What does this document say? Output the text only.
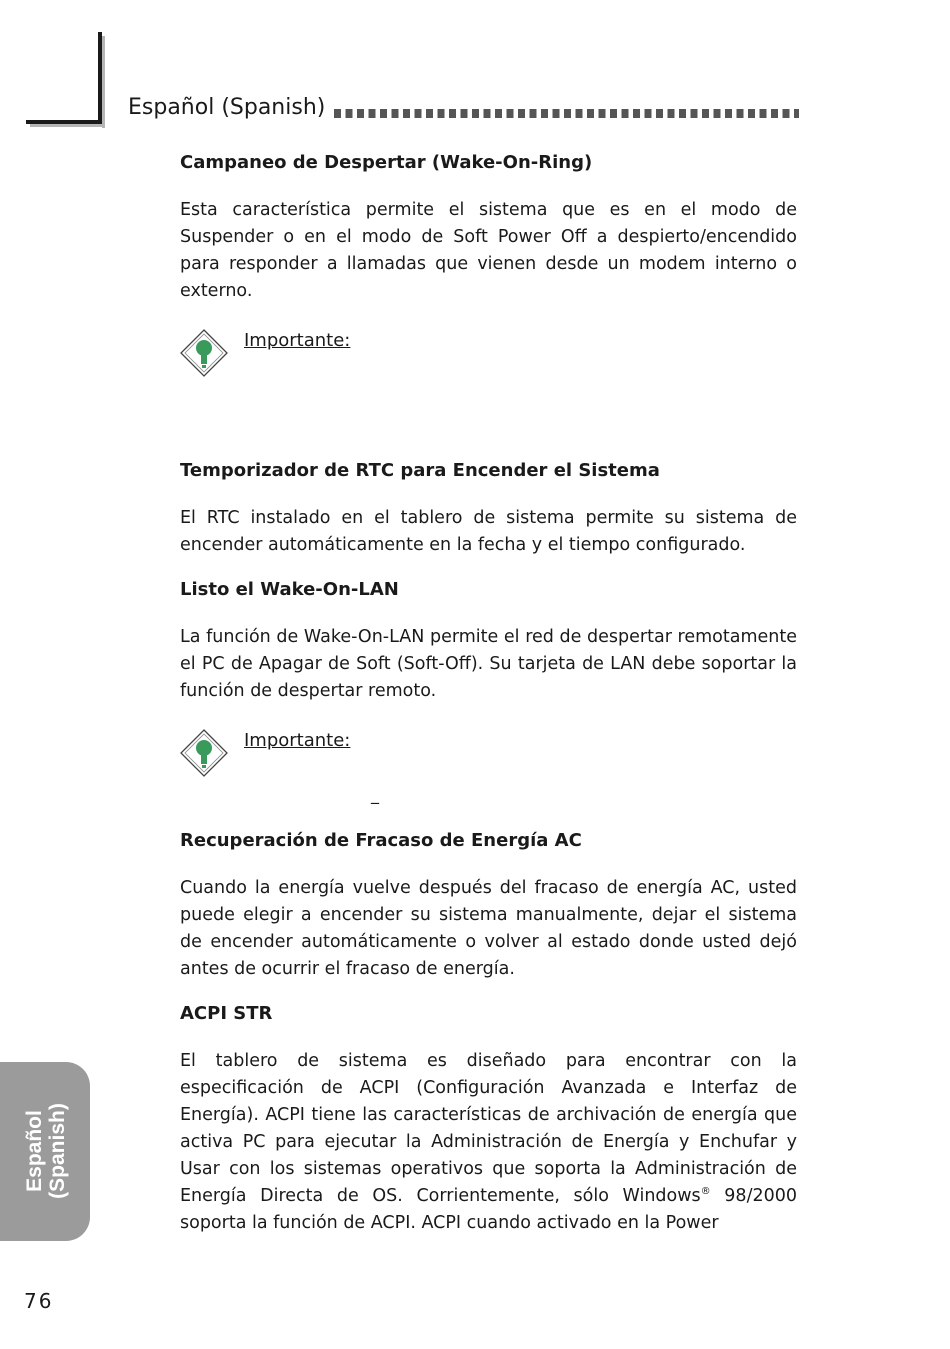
Español (Spanish)
Campaneo de Despertar (Wake-On-Ring)

Esta característica permite el sistema que es en el modo de Suspender o en el modo de Soft Power Off a despierto/encendido para responder a llamadas que vienen desde un modem interno o externo.

Importante:
Temporizador de RTC para Encender el Sistema

El RTC instalado en el tablero de sistema permite su sistema de encender automáticamente en la fecha y el tiempo configurado.

Listo el Wake-On-LAN

La función de Wake-On-LAN permite el red de despertar remotamente el PC de Apagar de Soft (Soft-Off). Su tarjeta de LAN debe soportar la función de despertar remoto.

Importante:
_
Recuperación de Fracaso de Energía AC

Cuando la energía vuelve después del fracaso de energía AC, usted puede elegir a encender su sistema manualmente, dejar el sistema de encender automáticamente o volver al estado donde usted dejó antes de ocurrir el fracaso de energía.

ACPI STR

El tablero de sistema es diseñado para encontrar con la especificación de ACPI (Configuración Avanzada e Interfaz de Energía). ACPI tiene las características de archivación de energía que activa PC para ejecutar la Administración de Energía y Enchufar y Usar con los sistemas operativos que soporta la Administración de Energía Directa de OS. Corrientemente, sólo Windows® 98/2000 soporta la función de ACPI. ACPI cuando activado en la Power

Español (Spanish)
76
